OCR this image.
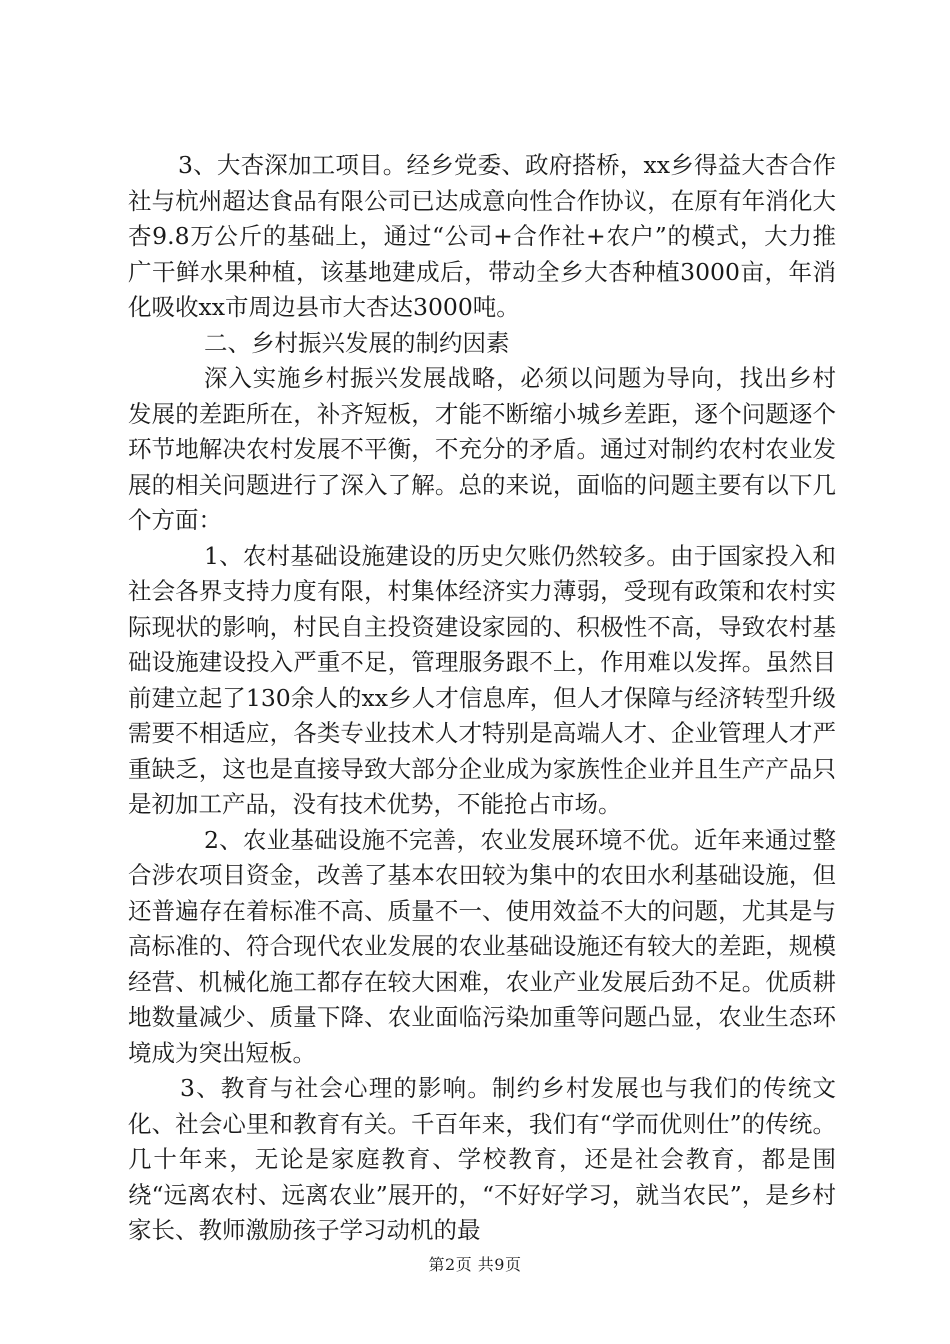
3、大杏深加工项目。经乡党委、政府搭桥，xx乡得益大杏合作社与杭州超达食品有限公司已达成意向性合作协议，在原有年消化大杏9.8万公斤的基础上，通过“公司+合作社+农户”的模式，大力推广干鲜水果种植，该基地建成后，带动全乡大杏种植3000亩，年消化吸收xx市周边县市大杏达3000吨。

二、乡村振兴发展的制约因素

深入实施乡村振兴发展战略，必须以问题为导向，找出乡村发展的差距所在，补齐短板，才能不断缩小城乡差距，逐个问题逐个环节地解决农村发展不平衡，不充分的矛盾。通过对制约农村农业发展的相关问题进行了深入了解。总的来说，面临的问题主要有以下几个方面：

1、农村基础设施建设的历史欠账仍然较多。由于国家投入和社会各界支持力度有限，村集体经济实力薄弱，受现有政策和农村实际现状的影响，村民自主投资建设家园的、积极性不高，导致农村基础设施建设投入严重不足，管理服务跟不上，作用难以发挥。虽然目前建立起了130余人的xx乡人才信息库，但人才保障与经济转型升级需要不相适应，各类专业技术人才特别是高端人才、企业管理人才严重缺乏，这也是直接导致大部分企业成为家族性企业并且生产产品只是初加工产品，没有技术优势，不能抢占市场。

2、农业基础设施不完善，农业发展环境不优。近年来通过整合涉农项目资金，改善了基本农田较为集中的农田水利基础设施，但还普遍存在着标准不高、质量不一、使用效益不大的问题，尤其是与高标准的、符合现代农业发展的农业基础设施还有较大的差距，规模经营、机械化施工都存在较大困难，农业产业发展后劲不足。优质耕地数量减少、质量下降、农业面临污染加重等问题凸显，农业生态环境成为突出短板。

3、教育与社会心理的影响。制约乡村发展也与我们的传统文化、社会心里和教育有关。千百年来，我们有“学而优则仕”的传统。几十年来，无论是家庭教育、学校教育，还是社会教育，都是围绕“远离农村、远离农业”展开的，“不好好学习，就当农民”，是乡村家长、教师激励孩子学习动机的最

第2页 共9页
